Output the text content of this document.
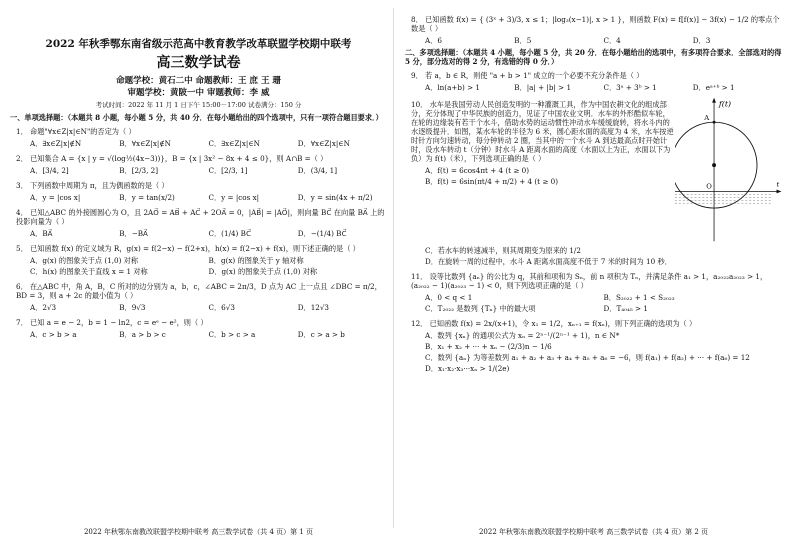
2022 年秋季鄂东南省级示范高中教育教学改革联盟学校期中联考
高三数学试卷
命题学校：黄石二中 命题教师：王 庶 王 珊
审题学校：黄陂一中 审题教师：李 威
考试时间：2022 年 11 月 1 日下午 15:00－17:00 试卷满分：150 分
一、单项选择题：（本题共 8 小题，每小题 5 分，共 40 分．在每小题给出的四个选项中，只有一项符合题目要求．）
1． 命题"∀x∈Z|x|∈N"的否定为（ ）
A．∃x∈Z|x|∉N	B．∀x∈Z|x|∉N	C．∃x∈Z|x|∈N	D．∀x∈Z|x|∈N
2． 已知集合 A = {x | y = √(log½(4x−3))}，B = {x | 3x² − 8x + 4 ≤ 0}，则 A∩B =（ ）
A．[3/4, 2]	B．[2/3, 2]	C．[2/3, 1]	D．(3/4, 1]
3． 下列函数中周期为 π，且为偶函数的是（ ）
A．y = |cos x|	B．y = tan(x/2)	C．y = |cos x|	D．y = sin(4x + π/2)
4． 已知△ABC 的外接圆圆心为 O，且 2AO⃗ = AB⃗ + AC⃗ + 2OA⃗ = 0，|AB⃗| = |AO⃗|，则向量 BC⃗ 在向量 BA⃗ 上的投影向量为（ ）
A．BA⃗	B．−BA⃗	C．(1/4) BC⃗	D．−(1/4) BC⃗
5． 已知函数 f(x) 的定义域为 R，g(x) = f(2−x) − f(2+x)，h(x) = f(2−x) + f(x)，则下述正确的是（ ）
A．g(x) 的图象关于点 (1,0) 对称	B．g(x) 的图象关于 y 轴对称
C．h(x) 的图象关于直线 x = 1 对称	D．g(x) 的图象关于点 (1,0) 对称
6． 在△ABC 中，角 A，B，C 所对的边分别为 a，b，c，∠ABC = 2π/3，D 点为 AC 上一点且 ∠DBC = π/2，BD = 3，则 a + 2c 的最小值为（ ）
A．2√3	B．9√3	C．6√3	D．12√3
7． 已知 a = e − 2，b = 1 − ln2，c = eᵉ − e²，则（ ）
A．c > b > a	B．a > b > c	C．b > c > a	D．c > a > b
2022 年秋鄂东南教改联盟学校期中联考 高三数学试卷（共 4 页）第 1 页
8． 已知函数 f(x) = { (3ˣ + 3)/3, x ≤ 1；|log₃(x−1)|, x > 1 }，则函数 F(x) = f[f(x)] − 3f(x) − 1/2 的零点个数是（ ）
A．6	B．5	C．4	D．3
二、多项选择题：（本题共 4 小题，每小题 5 分，共 20 分．在每小题给出的选项中，有多项符合要求．全部选对的得 5 分，部分选对的得 2 分，有选错的得 0 分．）
9． 若 a，b ∈ R，则使 "a + b > 1" 成立的一个必要不充分条件是（ ）
A．ln(a+b) > 1	B．|a| + |b| > 1	C．3ᵃ + 3ᵇ > 1	D．eᵃ⁺ᵇ > 1
10． 水车是我国劳动人民创造发明的一种灌溉工具，作为中国农耕文化的组成部分，充分体现了中华民族的创造力，见证了中国农业文明．水车的外形酷似车轮，在轮的边缘装有若干个水斗，借助水势的运动惯性冲动水车缓缓旋转，将水斗内的水逐级提升．如图，某水车轮的半径为 6 米，圆心距水面的高度为 4 米，水车按逆时针方向匀速转动，每分钟转动 2 圈，当其中的一个水斗 A 到达最高点时开始计时，设水车转动 t（分钟）时水斗 A 距离水面的高度（水面以上为正，水面以下为负）为 f(t)（米），下列选项正确的是（ ）
A．f(t) = 6cos4πt + 4 (t ≥ 0)
B．f(t) = 6sin(πt/4 + π/2) + 4 (t ≥ 0)
f(t)
A
O	t
C．若水车的转速减半，则其周期变为原来的 1/2
D．在旋转一周的过程中，水斗 A 距离水面高度不低于 7 米的时间为 10 秒．
11． 设等比数列 {aₙ} 的公比为 q，其前和项和为 Sₙ，前 n 项积为 Tₙ，并满足条件 a₁ > 1，a₂₀₂₂a₂₀₂₃ > 1，(a₂₀₂₂ − 1)(a₂₀₂₃ − 1) < 0，则下列选项正确的是（ ）
A．0 < q < 1	B．S₂₀₂₂ + 1 < S₂₀₂₃
C．T₂₀₂₂ 是数列 {Tₙ} 中的最大项	D．T₄₀₄₅ > 1
12． 已知函数 f(x) = 2x/(x+1)，令 x₁ = 1/2，xₙ₊₁ = f(xₙ)，则下列正确的选项为（ ）
A．数列 {xₙ} 的通项公式为 xₙ = 2ⁿ⁻¹/(2ⁿ⁻¹ + 1)，n ∈ N*
B．x₁ + x₂ + ··· + xₙ − (2/3)n − 1/6
C．数列 {aₙ} 为等差数列 a₁ + a₂ + a₃ + a₄ + a₅ + a₆ = −6，则 f(a₁) + f(a₂) + ··· + f(a₆) = 12
D．x₁·x₂·x₃···xₙ > 1/(2e)
2022 年秋鄂东南教改联盟学校期中联考 高三数学试卷（共 4 页）第 2 页
